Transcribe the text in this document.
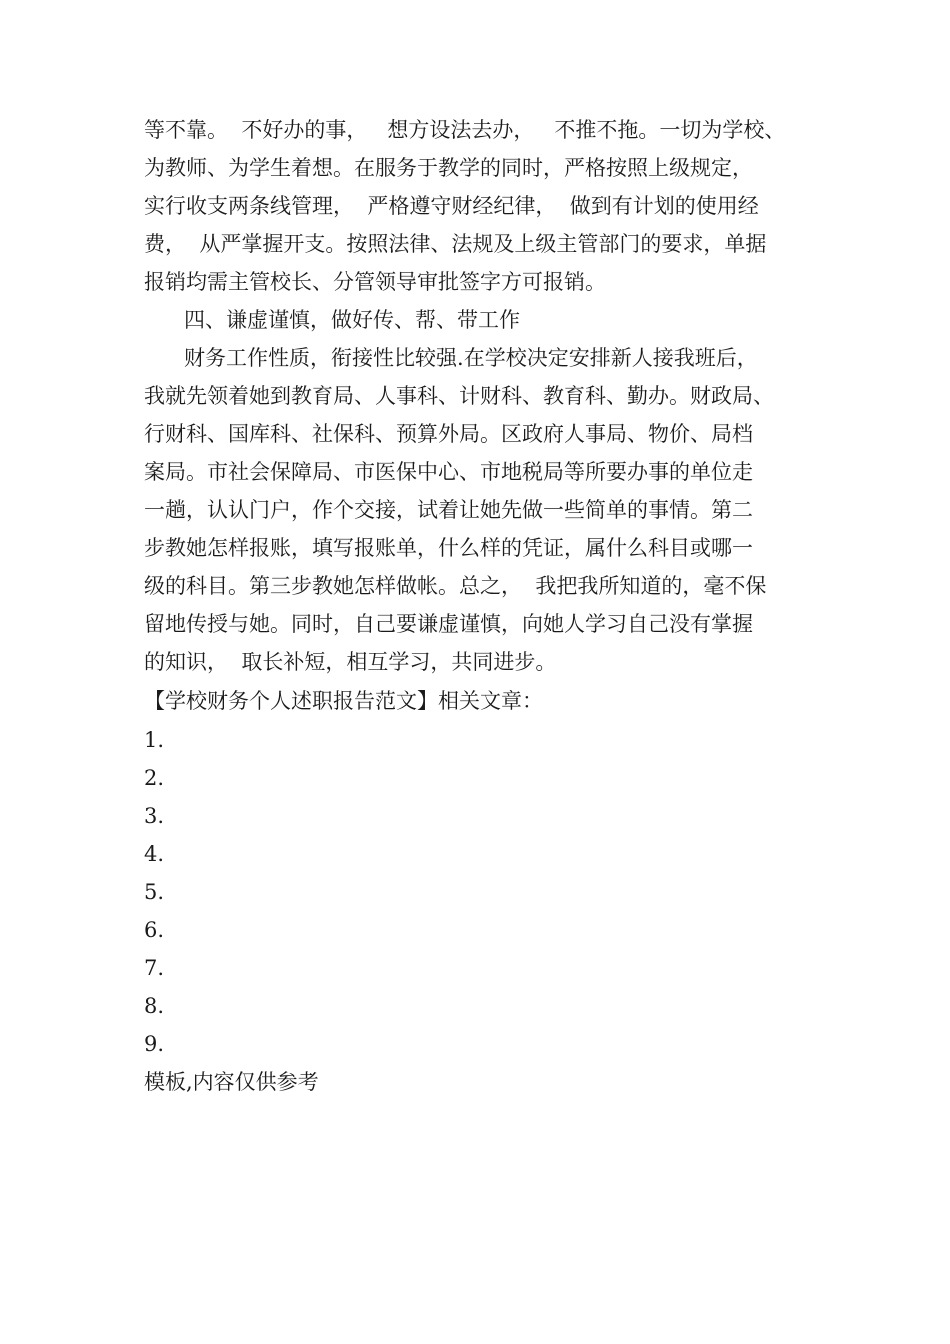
等不靠。  不好办的事，   想方设法去办，   不推不拖。一切为学校、
为教师、为学生着想。在服务于教学的同时，严格按照上级规定，
实行收支两条线管理，  严格遵守财经纪律，  做到有计划的使用经
费，  从严掌握开支。按照法律、法规及上级主管部门的要求，单据
报销均需主管校长、分管领导审批签字方可报销。
四、谦虚谨慎，做好传、帮、带工作
财务工作性质，衔接性比较强.在学校决定安排新人接我班后，
我就先领着她到教育局、人事科、计财科、教育科、勤办。财政局、
行财科、国库科、社保科、预算外局。区政府人事局、物价、局档
案局。市社会保障局、市医保中心、市地税局等所要办事的单位走
一趟，认认门户，作个交接，试着让她先做一些简单的事情。第二
步教她怎样报账，填写报账单，什么样的凭证，属什么科目或哪一
级的科目。第三步教她怎样做帐。总之，  我把我所知道的，毫不保
留地传授与她。同时，自己要谦虚谨慎，向她人学习自己没有掌握
的知识，  取长补短，相互学习，共同进步。
【学校财务个人述职报告范文】相关文章：
1.
2.
3.
4.
5.
6.
7.
8.
9.
模板,内容仅供参考
